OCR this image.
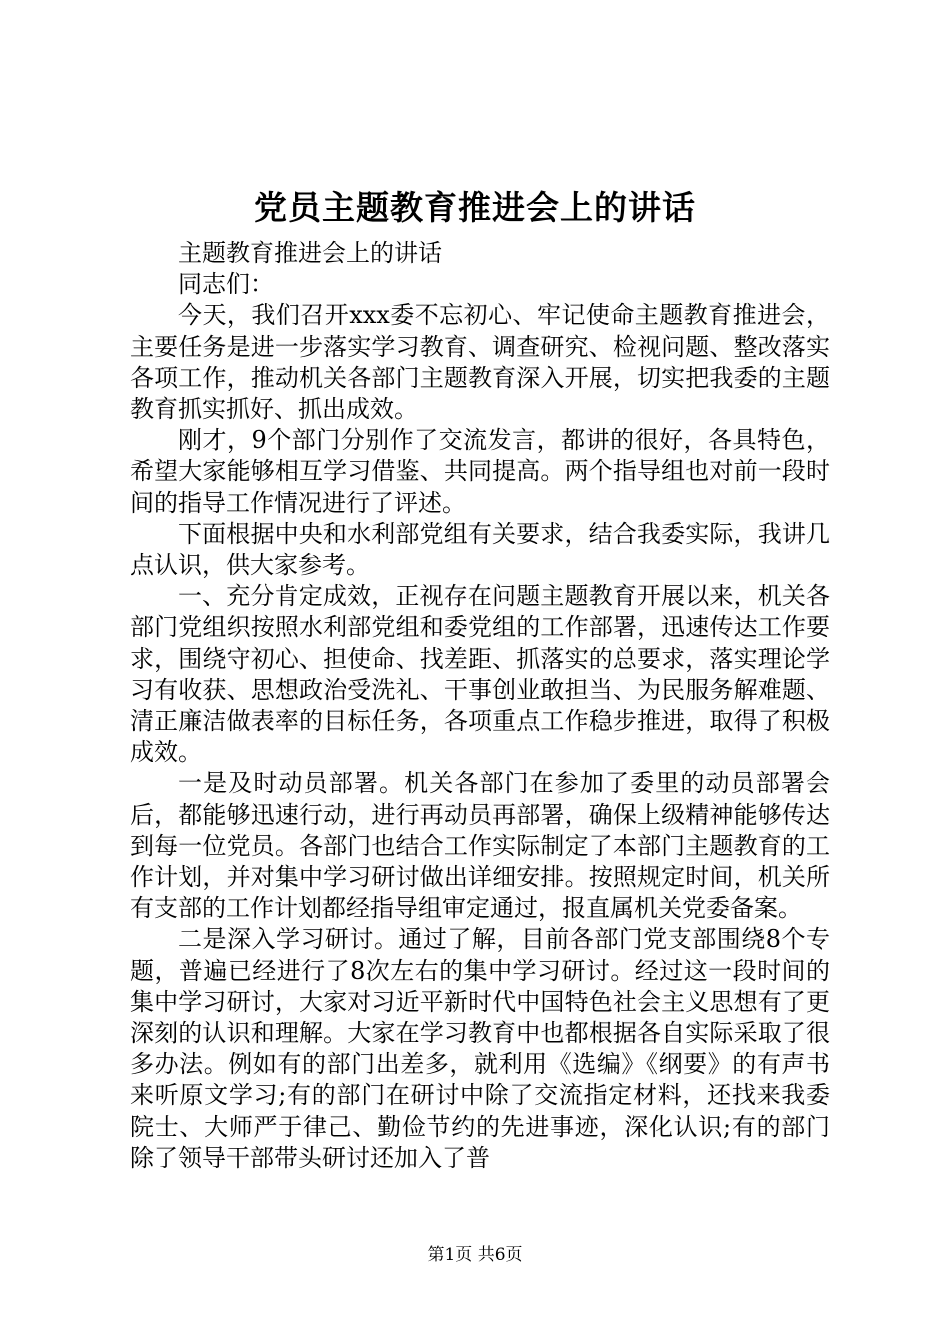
党员主题教育推进会上的讲话

主题教育推进会上的讲话

同志们：

今天，我们召开xxx委不忘初心、牢记使命主题教育推进会，主要任务是进一步落实学习教育、调查研究、检视问题、整改落实各项工作，推动机关各部门主题教育深入开展，切实把我委的主题教育抓实抓好、抓出成效。

刚才，9个部门分别作了交流发言，都讲的很好，各具特色，希望大家能够相互学习借鉴、共同提高。两个指导组也对前一段时间的指导工作情况进行了评述。

下面根据中央和水利部党组有关要求，结合我委实际，我讲几点认识，供大家参考。

一、充分肯定成效，正视存在问题主题教育开展以来，机关各部门党组织按照水利部党组和委党组的工作部署，迅速传达工作要求，围绕守初心、担使命、找差距、抓落实的总要求，落实理论学习有收获、思想政治受洗礼、干事创业敢担当、为民服务解难题、清正廉洁做表率的目标任务，各项重点工作稳步推进，取得了积极成效。

一是及时动员部署。机关各部门在参加了委里的动员部署会后，都能够迅速行动，进行再动员再部署，确保上级精神能够传达到每一位党员。各部门也结合工作实际制定了本部门主题教育的工作计划，并对集中学习研讨做出详细安排。按照规定时间，机关所有支部的工作计划都经指导组审定通过，报直属机关党委备案。

二是深入学习研讨。通过了解，目前各部门党支部围绕8个专题，普遍已经进行了8次左右的集中学习研讨。经过这一段时间的集中学习研讨，大家对习近平新时代中国特色社会主义思想有了更深刻的认识和理解。大家在学习教育中也都根据各自实际采取了很多办法。例如有的部门出差多，就利用《选编》《纲要》的有声书来听原文学习;有的部门在研讨中除了交流指定材料，还找来我委院士、大师严于律己、勤俭节约的先进事迹，深化认识;有的部门除了领导干部带头研讨还加入了普

第1页 共6页
